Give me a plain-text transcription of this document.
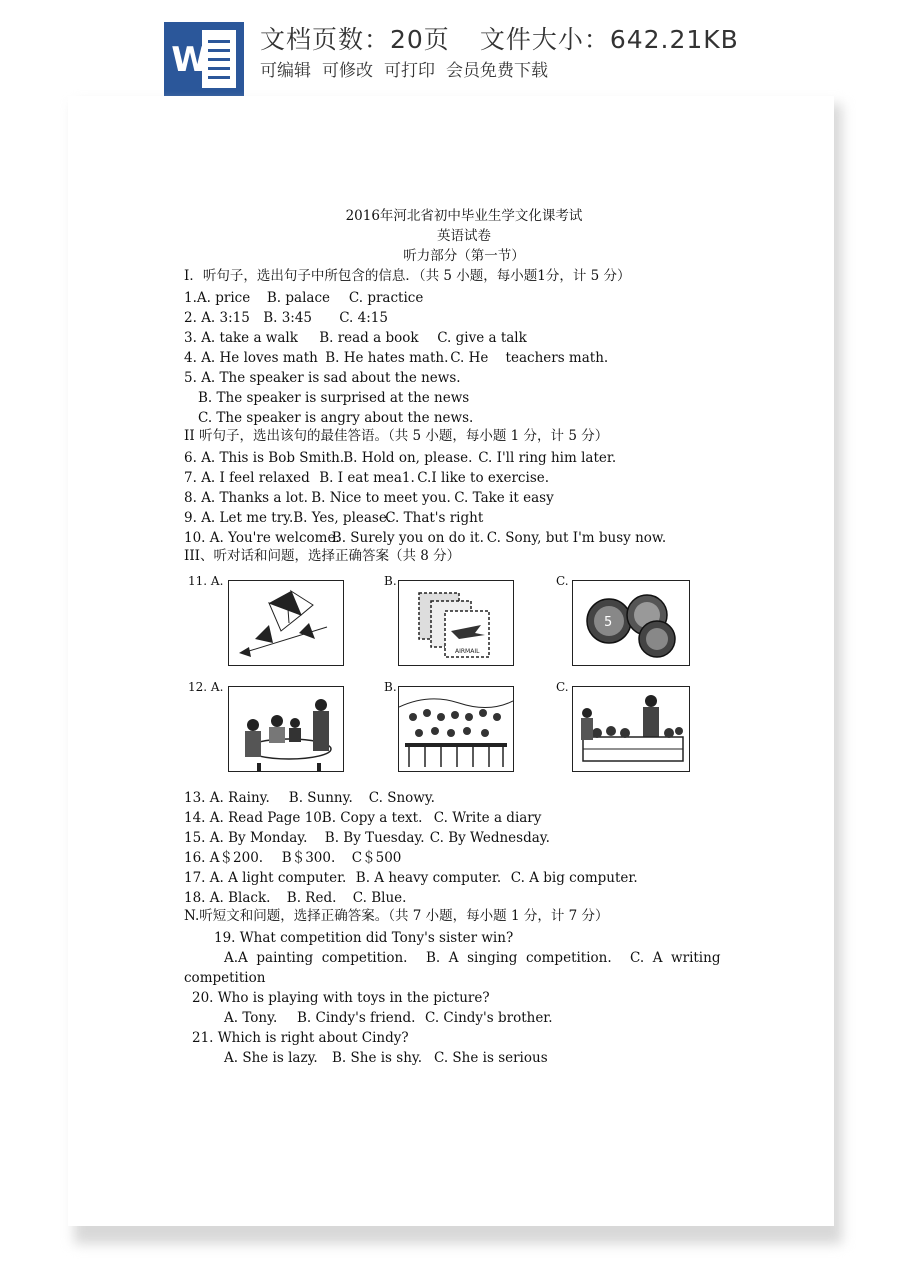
W
文档页数：20页 文件大小：642.21KB
可编辑 可修改 可打印 会员免费下载
2016年河北省初中毕业生学文化课考试
英语试卷
听力部分（第一节）
I．听句子，选出句子中所包含的信息．（共 5 小题，每小题1分，计 5 分）
1.A. price B. palace C. practice
2. A. 3:15 B. 3:45 C. 4:15
3. A. take a walk B. read a book C. give a talk
4. A. He loves math B. He hates math. C. He    teachers math.
5. A. The speaker is sad about the news.
B. The speaker is surprised at the news
C. The speaker is angry about the news.
II 听句子，选出该句的最佳答语。（共 5 小题，每小题 1 分，计 5 分）
6. A. This is Bob Smith.B. Hold on, please. C. I'll ring him later.
7. A. I feel relaxed B. I eat mea1. C.I like to exercise.
8. A. Thanks a lot. B. Nice to meet you. C. Take it easy
9. A. Let me try.B. Yes, please.C. That's right
10. A. You're welcome.B. Surely you on do it. C. Sony, but I'm busy now.
III、听对话和问题，选择正确答案（共 8 分）
11. A.	B.
AIRMAIL
C.
5
12. A.	B.	C.
13. A. Rainy. B. Sunny. C. Snowy.
14. A. Read Page 10.B. Copy a text. C. Write a diary
15. A. By Monday. B. By Tuesday. C. By Wednesday.
16. A＄200. B＄300. C＄500
17. A. A light computer. B. A heavy computer. C. A big computer.
18. A. Black. B. Red. C. Blue.
N.听短文和问题，选择正确答案。（共 7 小题，每小题 1 分，计 7 分）
19. What competition did Tony's sister win?
A.A  painting  competition. B.  A  singing  competition. C.  A  writing
competition
20. Who is playing with toys in the picture?
A. Tony. B. Cindy's friend. C. Cindy's brother.
21. Which is right about Cindy?
A. She is lazy. B. She is shy. C. She is serious
